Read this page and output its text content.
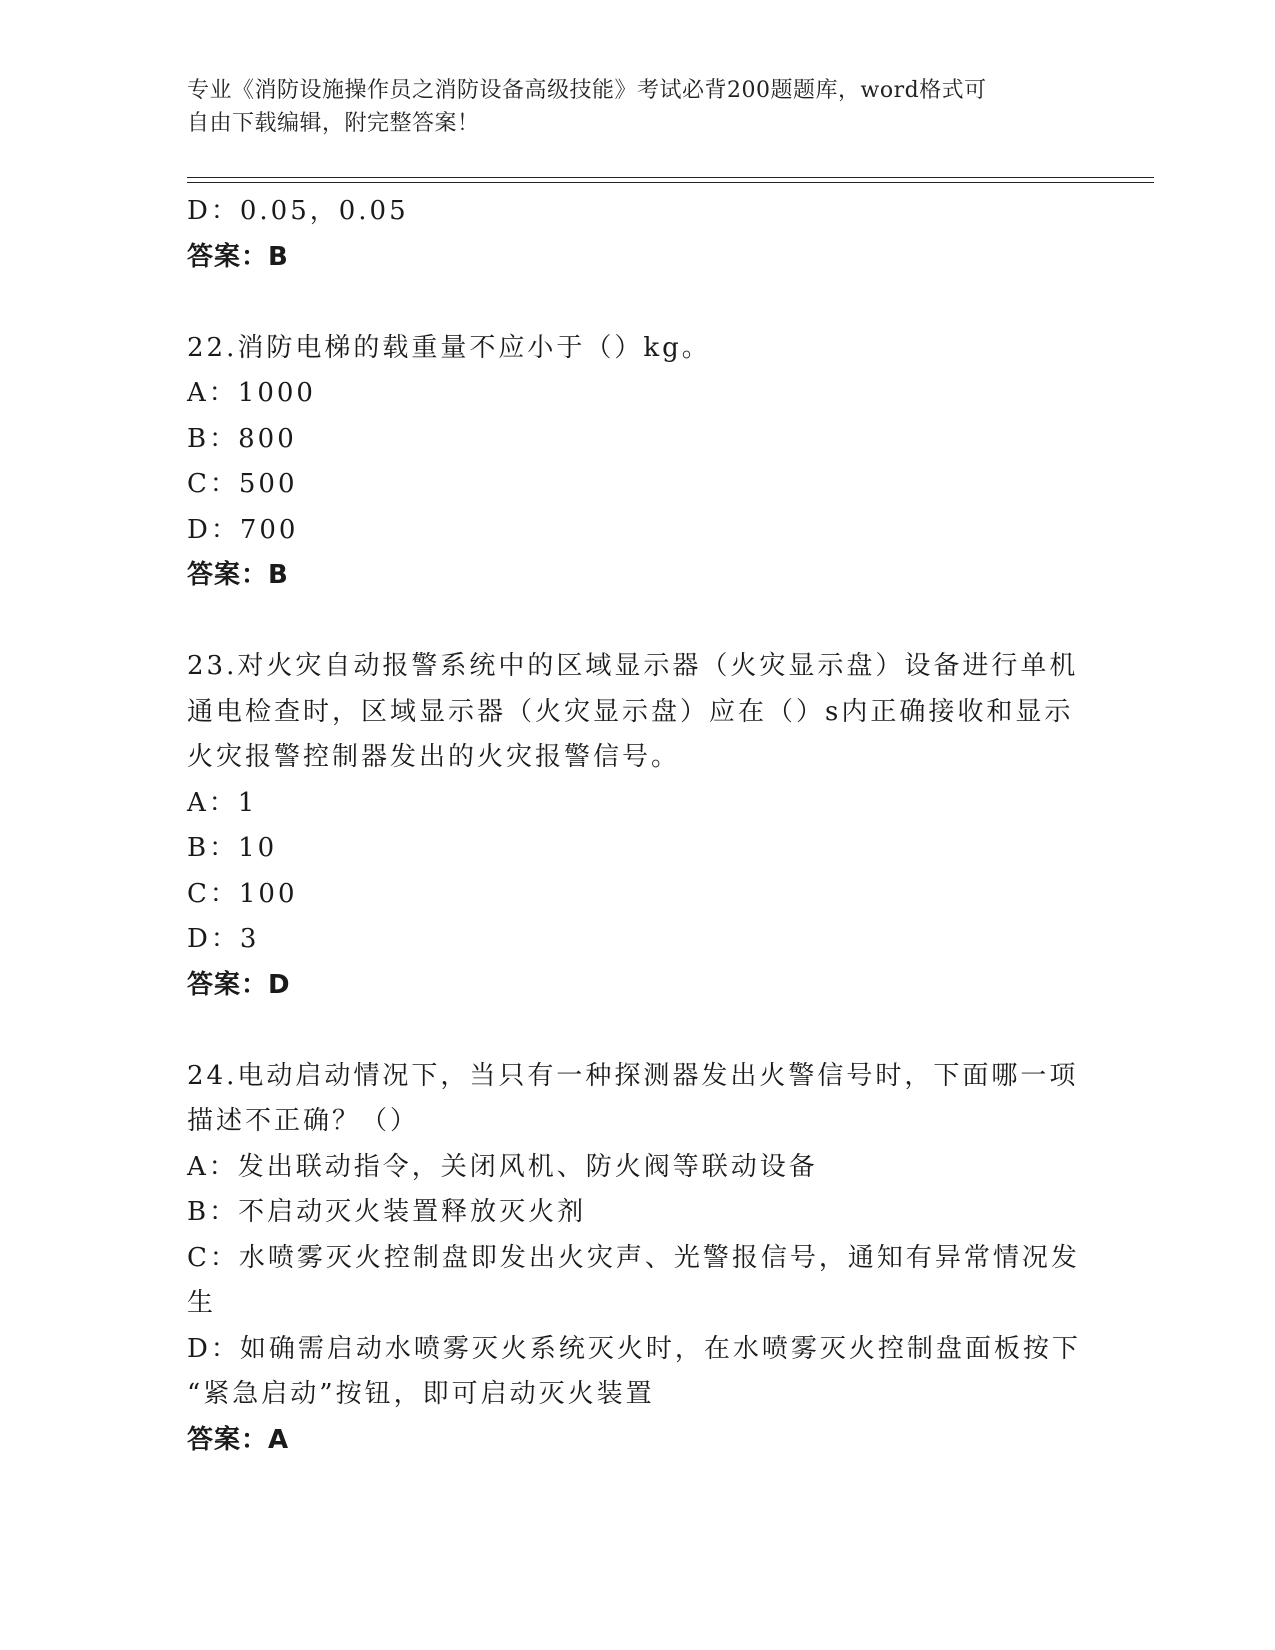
专业《消防设施操作员之消防设备高级技能》考试必背200题题库，word格式可
自由下载编辑，附完整答案！
D：0.05，0.05
答案：B
22.消防电梯的载重量不应小于（）kg。
A：1000
B：800
C：500
D：700
答案：B
23.对火灾自动报警系统中的区域显示器（火灾显示盘）设备进行单机
通电检查时，区域显示器（火灾显示盘）应在（）s内正确接收和显示
火灾报警控制器发出的火灾报警信号。
A：1
B：10
C：100
D：3
答案：D
24.电动启动情况下，当只有一种探测器发出火警信号时，下面哪一项
描述不正确？（）
A：发出联动指令，关闭风机、防火阀等联动设备
B：不启动灭火装置释放灭火剂
C：水喷雾灭火控制盘即发出火灾声、光警报信号，通知有异常情况发
生
D：如确需启动水喷雾灭火系统灭火时，在水喷雾灭火控制盘面板按下
“紧急启动”按钮，即可启动灭火装置
答案：A
